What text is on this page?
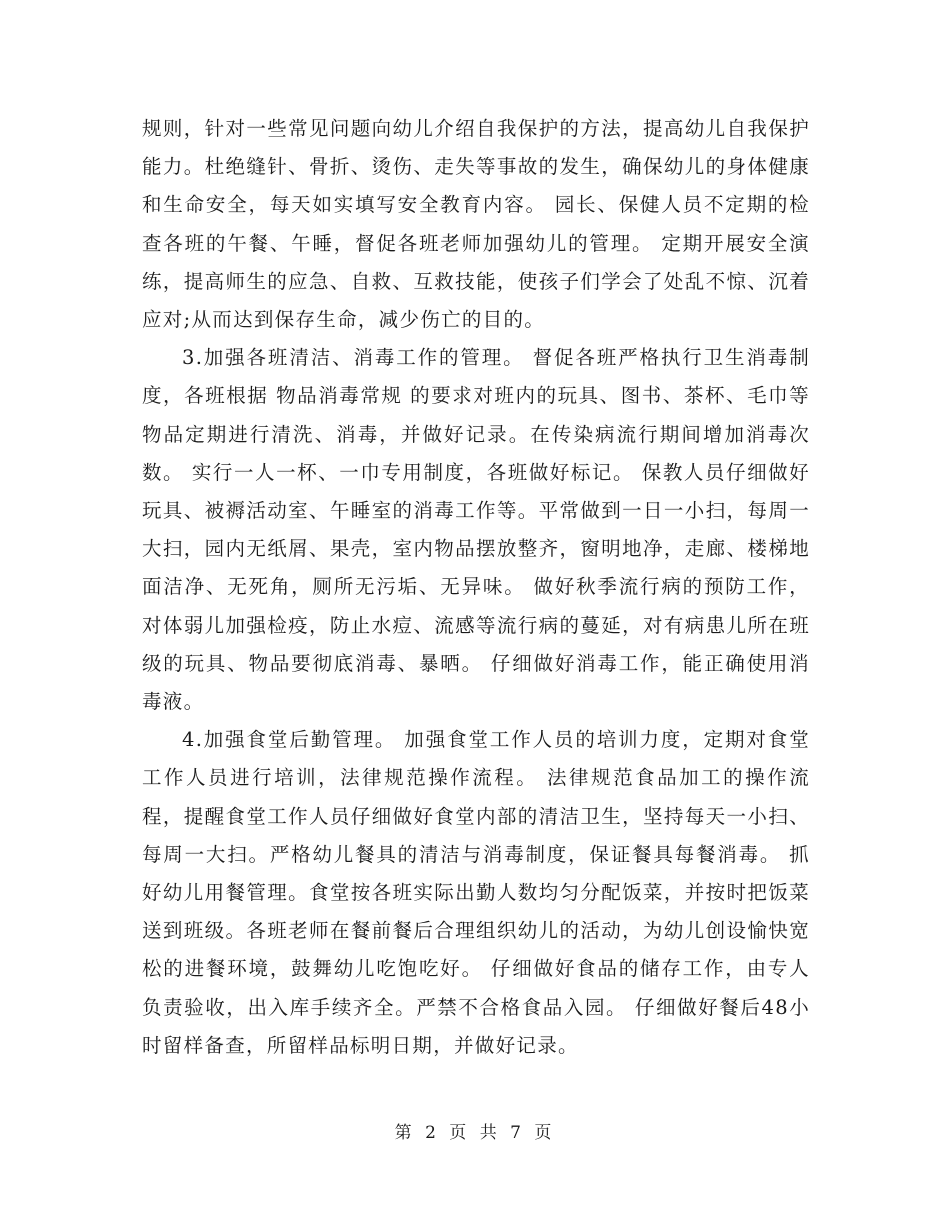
规则，针对一些常见问题向幼儿介绍自我保护的方法，提高幼儿自我保护能力。杜绝缝针、骨折、烫伤、走失等事故的发生，确保幼儿的身体健康和生命安全，每天如实填写安全教育内容。 园长、保健人员不定期的检查各班的午餐、午睡，督促各班老师加强幼儿的管理。 定期开展安全演练，提高师生的应急、自救、互救技能，使孩子们学会了处乱不惊、沉着应对;从而达到保存生命，减少伤亡的目的。

3.加强各班清洁、消毒工作的管理。 督促各班严格执行卫生消毒制度，各班根据 物品消毒常规 的要求对班内的玩具、图书、茶杯、毛巾等物品定期进行清洗、消毒，并做好记录。在传染病流行期间增加消毒次数。 实行一人一杯、一巾专用制度，各班做好标记。 保教人员仔细做好玩具、被褥活动室、午睡室的消毒工作等。平常做到一日一小扫，每周一大扫，园内无纸屑、果壳，室内物品摆放整齐，窗明地净，走廊、楼梯地面洁净、无死角，厕所无污垢、无异味。 做好秋季流行病的预防工作，对体弱儿加强检疫，防止水痘、流感等流行病的蔓延，对有病患儿所在班级的玩具、物品要彻底消毒、暴晒。 仔细做好消毒工作，能正确使用消毒液。

4.加强食堂后勤管理。 加强食堂工作人员的培训力度，定期对食堂工作人员进行培训，法律规范操作流程。 法律规范食品加工的操作流程，提醒食堂工作人员仔细做好食堂内部的清洁卫生，坚持每天一小扫、每周一大扫。严格幼儿餐具的清洁与消毒制度，保证餐具每餐消毒。 抓好幼儿用餐管理。食堂按各班实际出勤人数均匀分配饭菜，并按时把饭菜送到班级。各班老师在餐前餐后合理组织幼儿的活动，为幼儿创设愉快宽松的进餐环境，鼓舞幼儿吃饱吃好。 仔细做好食品的储存工作，由专人负责验收，出入库手续齐全。严禁不合格食品入园。 仔细做好餐后48小时留样备查，所留样品标明日期，并做好记录。

第 2 页 共 7 页
